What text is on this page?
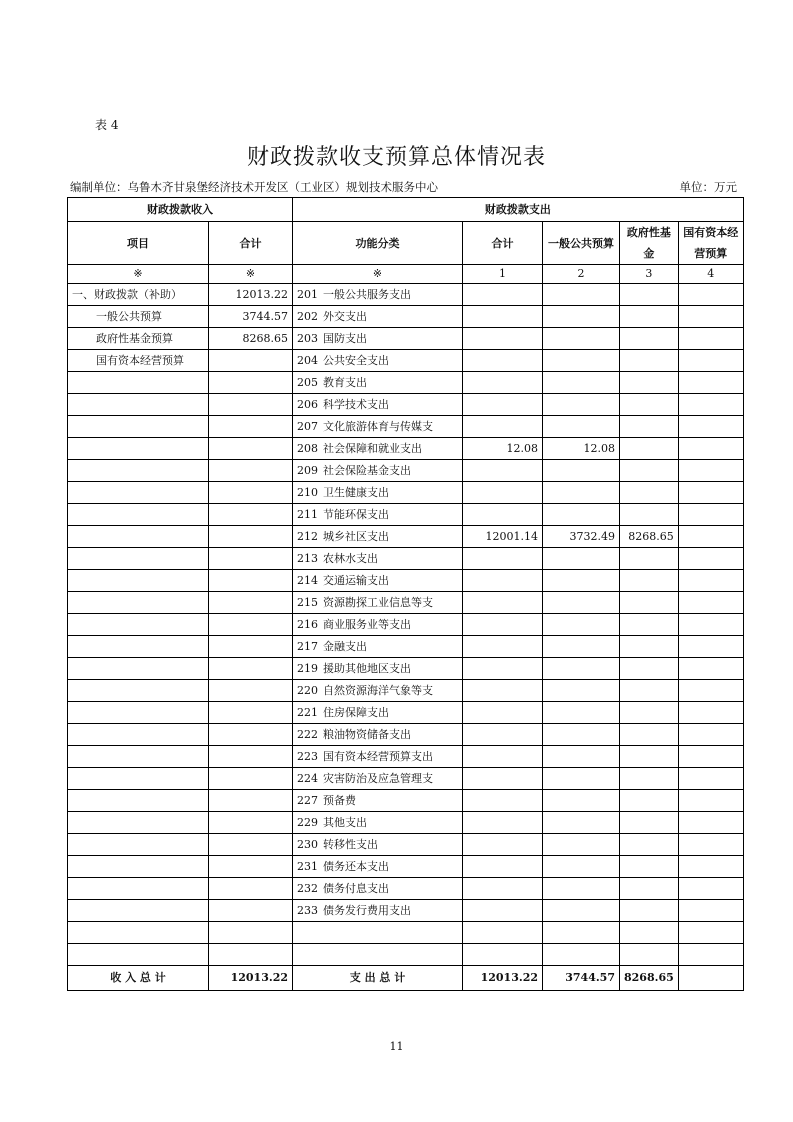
表 4
财政拨款收支预算总体情况表
编制单位：乌鲁木齐甘泉堡经济技术开发区（工业区）规划技术服务中心	单位：万元
财政拨款收入		财政拨款支出				
项目	合计	功能分类	合计	一般公共预算	政府性基金	国有资本经营预算
※	※	※	1	2	3	4
一、财政拨款（补助）	12013.22	201 一般公共服务支出				
一般公共预算	3744.57	202 外交支出				
政府性基金预算	8268.65	203 国防支出				
国有资本经营预算		204 公共安全支出				
		205 教育支出				
		206 科学技术支出				
		207 文化旅游体育与传媒支				
		208 社会保障和就业支出	12.08	12.08		
		209 社会保险基金支出				
		210 卫生健康支出				
		211 节能环保支出				
		212 城乡社区支出	12001.14	3732.49	8268.65	
		213 农林水支出				
		214 交通运输支出				
		215 资源勘探工业信息等支				
		216 商业服务业等支出				
		217 金融支出				
		219 援助其他地区支出				
		220 自然资源海洋气象等支				
		221 住房保障支出				
		222 粮油物资储备支出				
		223 国有资本经营预算支出				
		224 灾害防治及应急管理支				
		227 预备费				
		229 其他支出				
		230 转移性支出				
		231 债务还本支出				
		232 债务付息支出				
		233 债务发行费用支出				

收 入 总 计	12013.22	支 出 总 计	12013.22	3744.57	8268.65	
11
